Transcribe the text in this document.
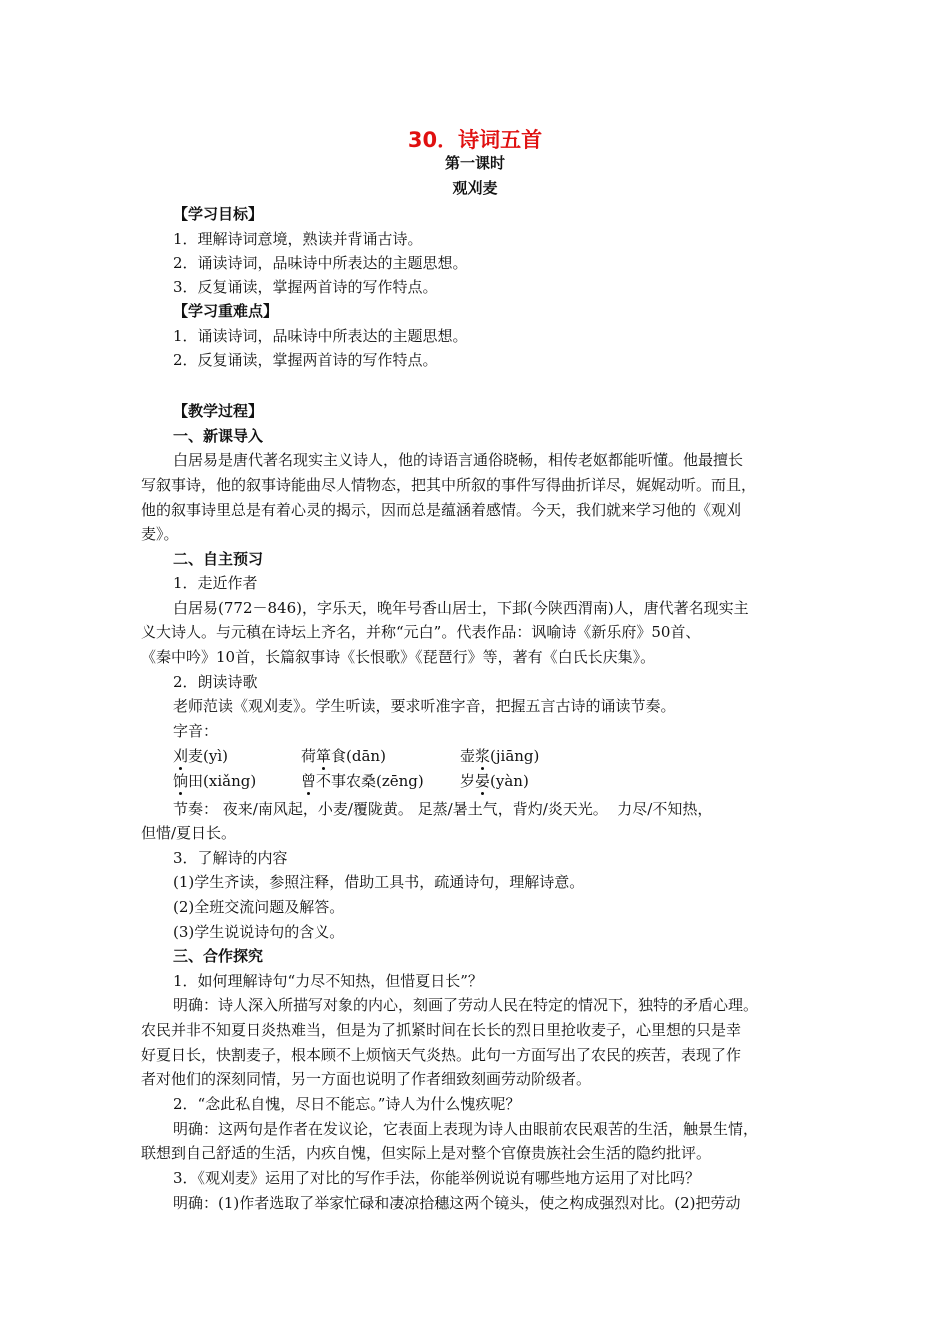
30．诗词五首
第一课时
观刈麦
【学习目标】
1．理解诗词意境，熟读并背诵古诗。
2．诵读诗词，品味诗中所表达的主题思想。
3．反复诵读，掌握两首诗的写作特点。
【学习重难点】
1．诵读诗词，品味诗中所表达的主题思想。
2．反复诵读，掌握两首诗的写作特点。
【教学过程】
一、新课导入
白居易是唐代著名现实主义诗人，他的诗语言通俗晓畅，相传老妪都能听懂。他最擅长
写叙事诗，他的叙事诗能曲尽人情物态，把其中所叙的事件写得曲折详尽，娓娓动听。而且，
他的叙事诗里总是有着心灵的揭示，因而总是蕴涵着感情。今天，我们就来学习他的《观刈
麦》。
二、自主预习
1．走近作者
白居易(772－846)，字乐天，晚年号香山居士，下邽(今陕西渭南)人，唐代著名现实主
义大诗人。与元稹在诗坛上齐名，并称“元白”。代表作品：讽喻诗《新乐府》50首、
《秦中吟》10首，长篇叙事诗《长恨歌》《琵琶行》等，著有《白氏长庆集》。
2．朗读诗歌
老师范读《观刈麦》。学生听读，要求听准字音，把握五言古诗的诵读节奏。
字音：
刈麦(yì)	荷箪食(dān)	壶浆(jiāng)
饷田(xiǎng)	曾不事农桑(zēng) 岁晏(yàn)
节奏： 夜来/南风起，小麦/覆陇黄。 足蒸/暑土气，背灼/炎天光。  力尽/不知热，
但惜/夏日长。
3．了解诗的内容
(1)学生齐读，参照注释，借助工具书，疏通诗句，理解诗意。
(2)全班交流问题及解答。
(3)学生说说诗句的含义。
三、合作探究
1．如何理解诗句“力尽不知热，但惜夏日长”？
明确：诗人深入所描写对象的内心，刻画了劳动人民在特定的情况下，独特的矛盾心理。
农民并非不知夏日炎热难当，但是为了抓紧时间在长长的烈日里抢收麦子，心里想的只是幸
好夏日长，快割麦子，根本顾不上烦恼天气炎热。此句一方面写出了农民的疾苦，表现了作
者对他们的深刻同情，另一方面也说明了作者细致刻画劳动阶级者。
2．“念此私自愧，尽日不能忘。”诗人为什么愧疚呢？
明确：这两句是作者在发议论，它表面上表现为诗人由眼前农民艰苦的生活，触景生情，
联想到自己舒适的生活，内疚自愧，但实际上是对整个官僚贵族社会生活的隐约批评。
3．《观刈麦》运用了对比的写作手法，你能举例说说有哪些地方运用了对比吗？
明确：(1)作者选取了举家忙碌和凄凉拾穗这两个镜头，使之构成强烈对比。(2)把劳动
